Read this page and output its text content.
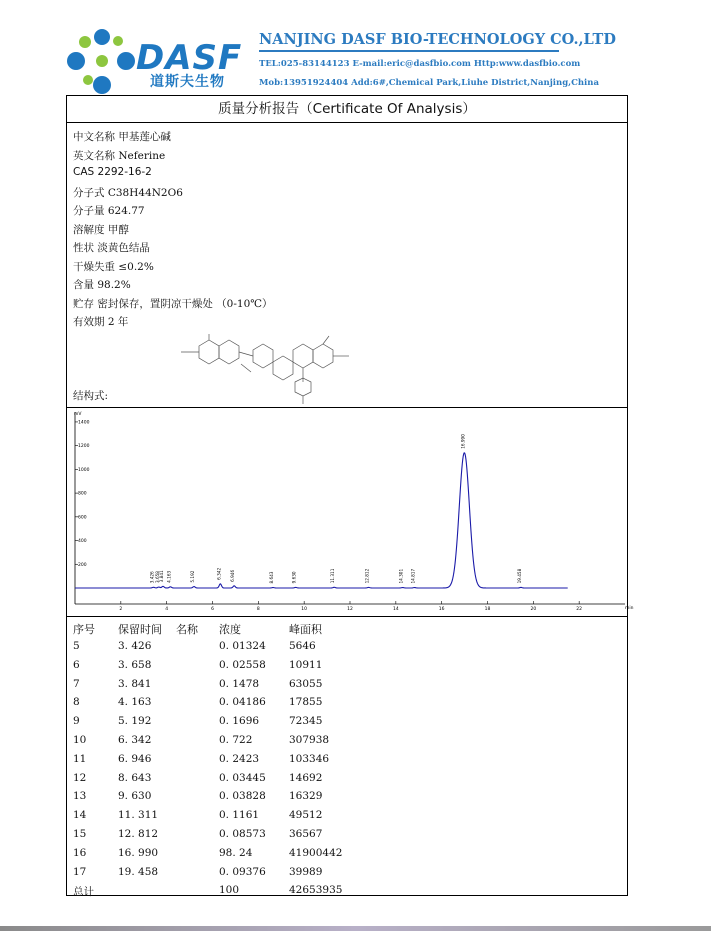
DASF
道斯夫生物
NANJING DASF BIO-TECHNOLOGY CO.,LTD
TEL:025-83144123 E-mail:eric@dasfbio.com Http:www.dasfbio.com
Mob:13951924404 Add:6#,Chemical Park,Liuhe District,Nanjing,China
质量分析报告（Certificate Of Analysis）
中文名称 甲基莲心碱
英文名称 Neferine
CAS 2292-16-2
分子式 C38H44N2O6
分子量 624.77
溶解度 甲醇
性状 淡黄色结晶
干燥失重 ≤0.2%
含量 98.2%
贮存 密封保存，置阴凉干燥处 （0-10℃）
有效期 2 年
结构式:
mV
min
200
400
600
800
1000
1200
1400
2	4	6	8	10	12	14	16	18	20	22
3.426 3.658 3.841 4.163	5.192	6.342 6.946	8.643	9.630	11.311	12.812	14.301 14.817
16.990
19.458
序号 保留时间 名称 浓度	峰面积
5	3. 426	0. 01324 5646
6	3. 658	0. 02558 10911
7	3. 841	0. 1478	63055
8	4. 163	0. 04186 17855
9	5. 192	0. 1696	72345
10	6. 342	0. 722	307938
11	6. 946	0. 2423	103346
12	8. 643	0. 03445 14692
13	9. 630	0. 03828 16329
14	11. 311	0. 1161	49512
15	12. 812	0. 08573 36567
16	16. 990	98. 24	41900442
17	19. 458	0. 09376 39989
总计	100	42653935
